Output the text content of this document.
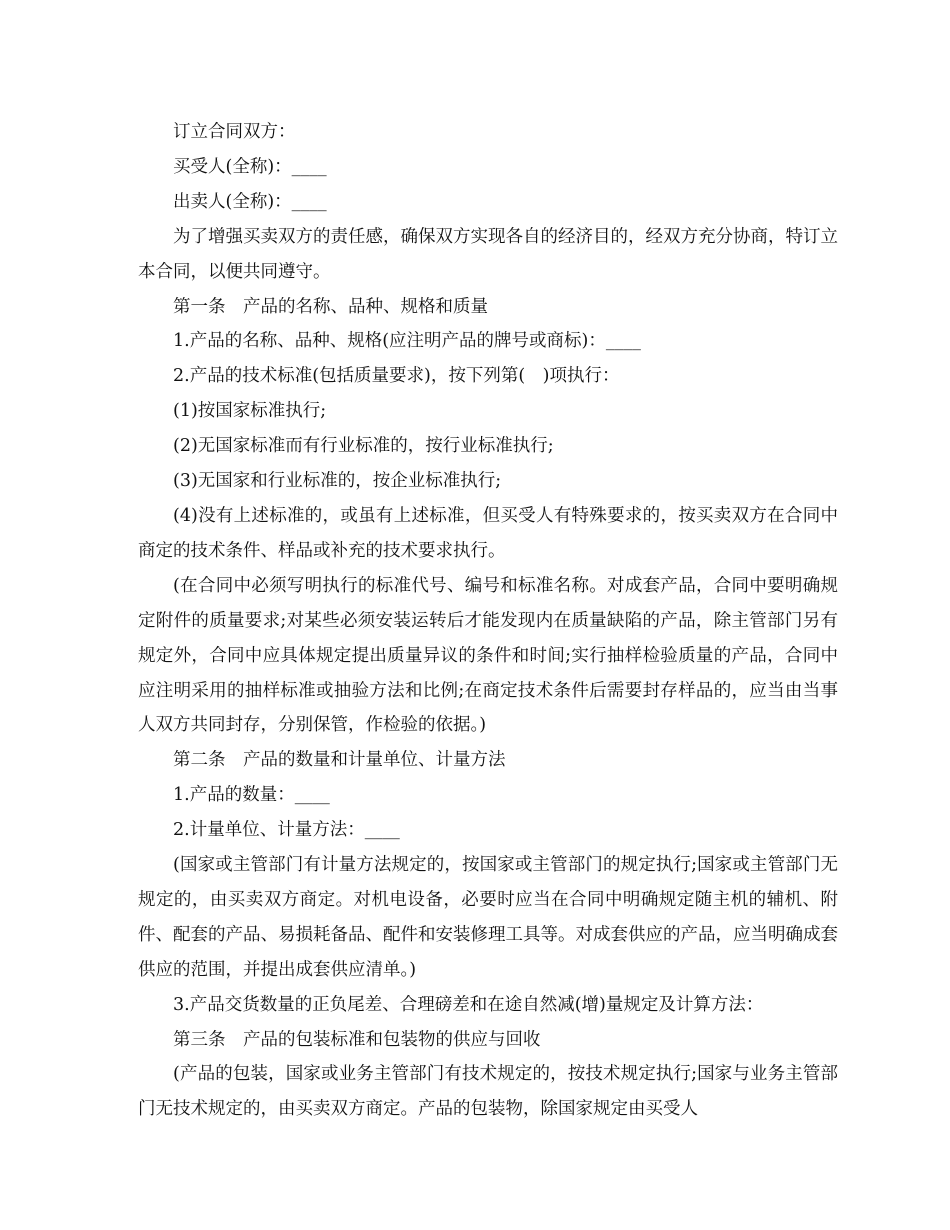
订立合同双方：

买受人(全称)：____

出卖人(全称)：____

为了增强买卖双方的责任感，确保双方实现各自的经济目的，经双方充分协商，特订立本合同，以便共同遵守。

第一条　产品的名称、品种、规格和质量

1.产品的名称、品种、规格(应注明产品的牌号或商标)：____

2.产品的技术标准(包括质量要求)，按下列第(　)项执行：

(1)按国家标准执行;

(2)无国家标准而有行业标准的，按行业标准执行;

(3)无国家和行业标准的，按企业标准执行;

(4)没有上述标准的，或虽有上述标准，但买受人有特殊要求的，按买卖双方在合同中商定的技术条件、样品或补充的技术要求执行。

(在合同中必须写明执行的标准代号、编号和标准名称。对成套产品，合同中要明确规定附件的质量要求;对某些必须安装运转后才能发现内在质量缺陷的产品，除主管部门另有规定外，合同中应具体规定提出质量异议的条件和时间;实行抽样检验质量的产品，合同中应注明采用的抽样标准或抽验方法和比例;在商定技术条件后需要封存样品的，应当由当事人双方共同封存，分别保管，作检验的依据。)

第二条　产品的数量和计量单位、计量方法

1.产品的数量：____

2.计量单位、计量方法：____

(国家或主管部门有计量方法规定的，按国家或主管部门的规定执行;国家或主管部门无规定的，由买卖双方商定。对机电设备，必要时应当在合同中明确规定随主机的辅机、附件、配套的产品、易损耗备品、配件和安装修理工具等。对成套供应的产品，应当明确成套供应的范围，并提出成套供应清单。)

3.产品交货数量的正负尾差、合理磅差和在途自然减(增)量规定及计算方法：

第三条　产品的包装标准和包装物的供应与回收

(产品的包装，国家或业务主管部门有技术规定的，按技术规定执行;国家与业务主管部门无技术规定的，由买卖双方商定。产品的包装物，除国家规定由买受人
